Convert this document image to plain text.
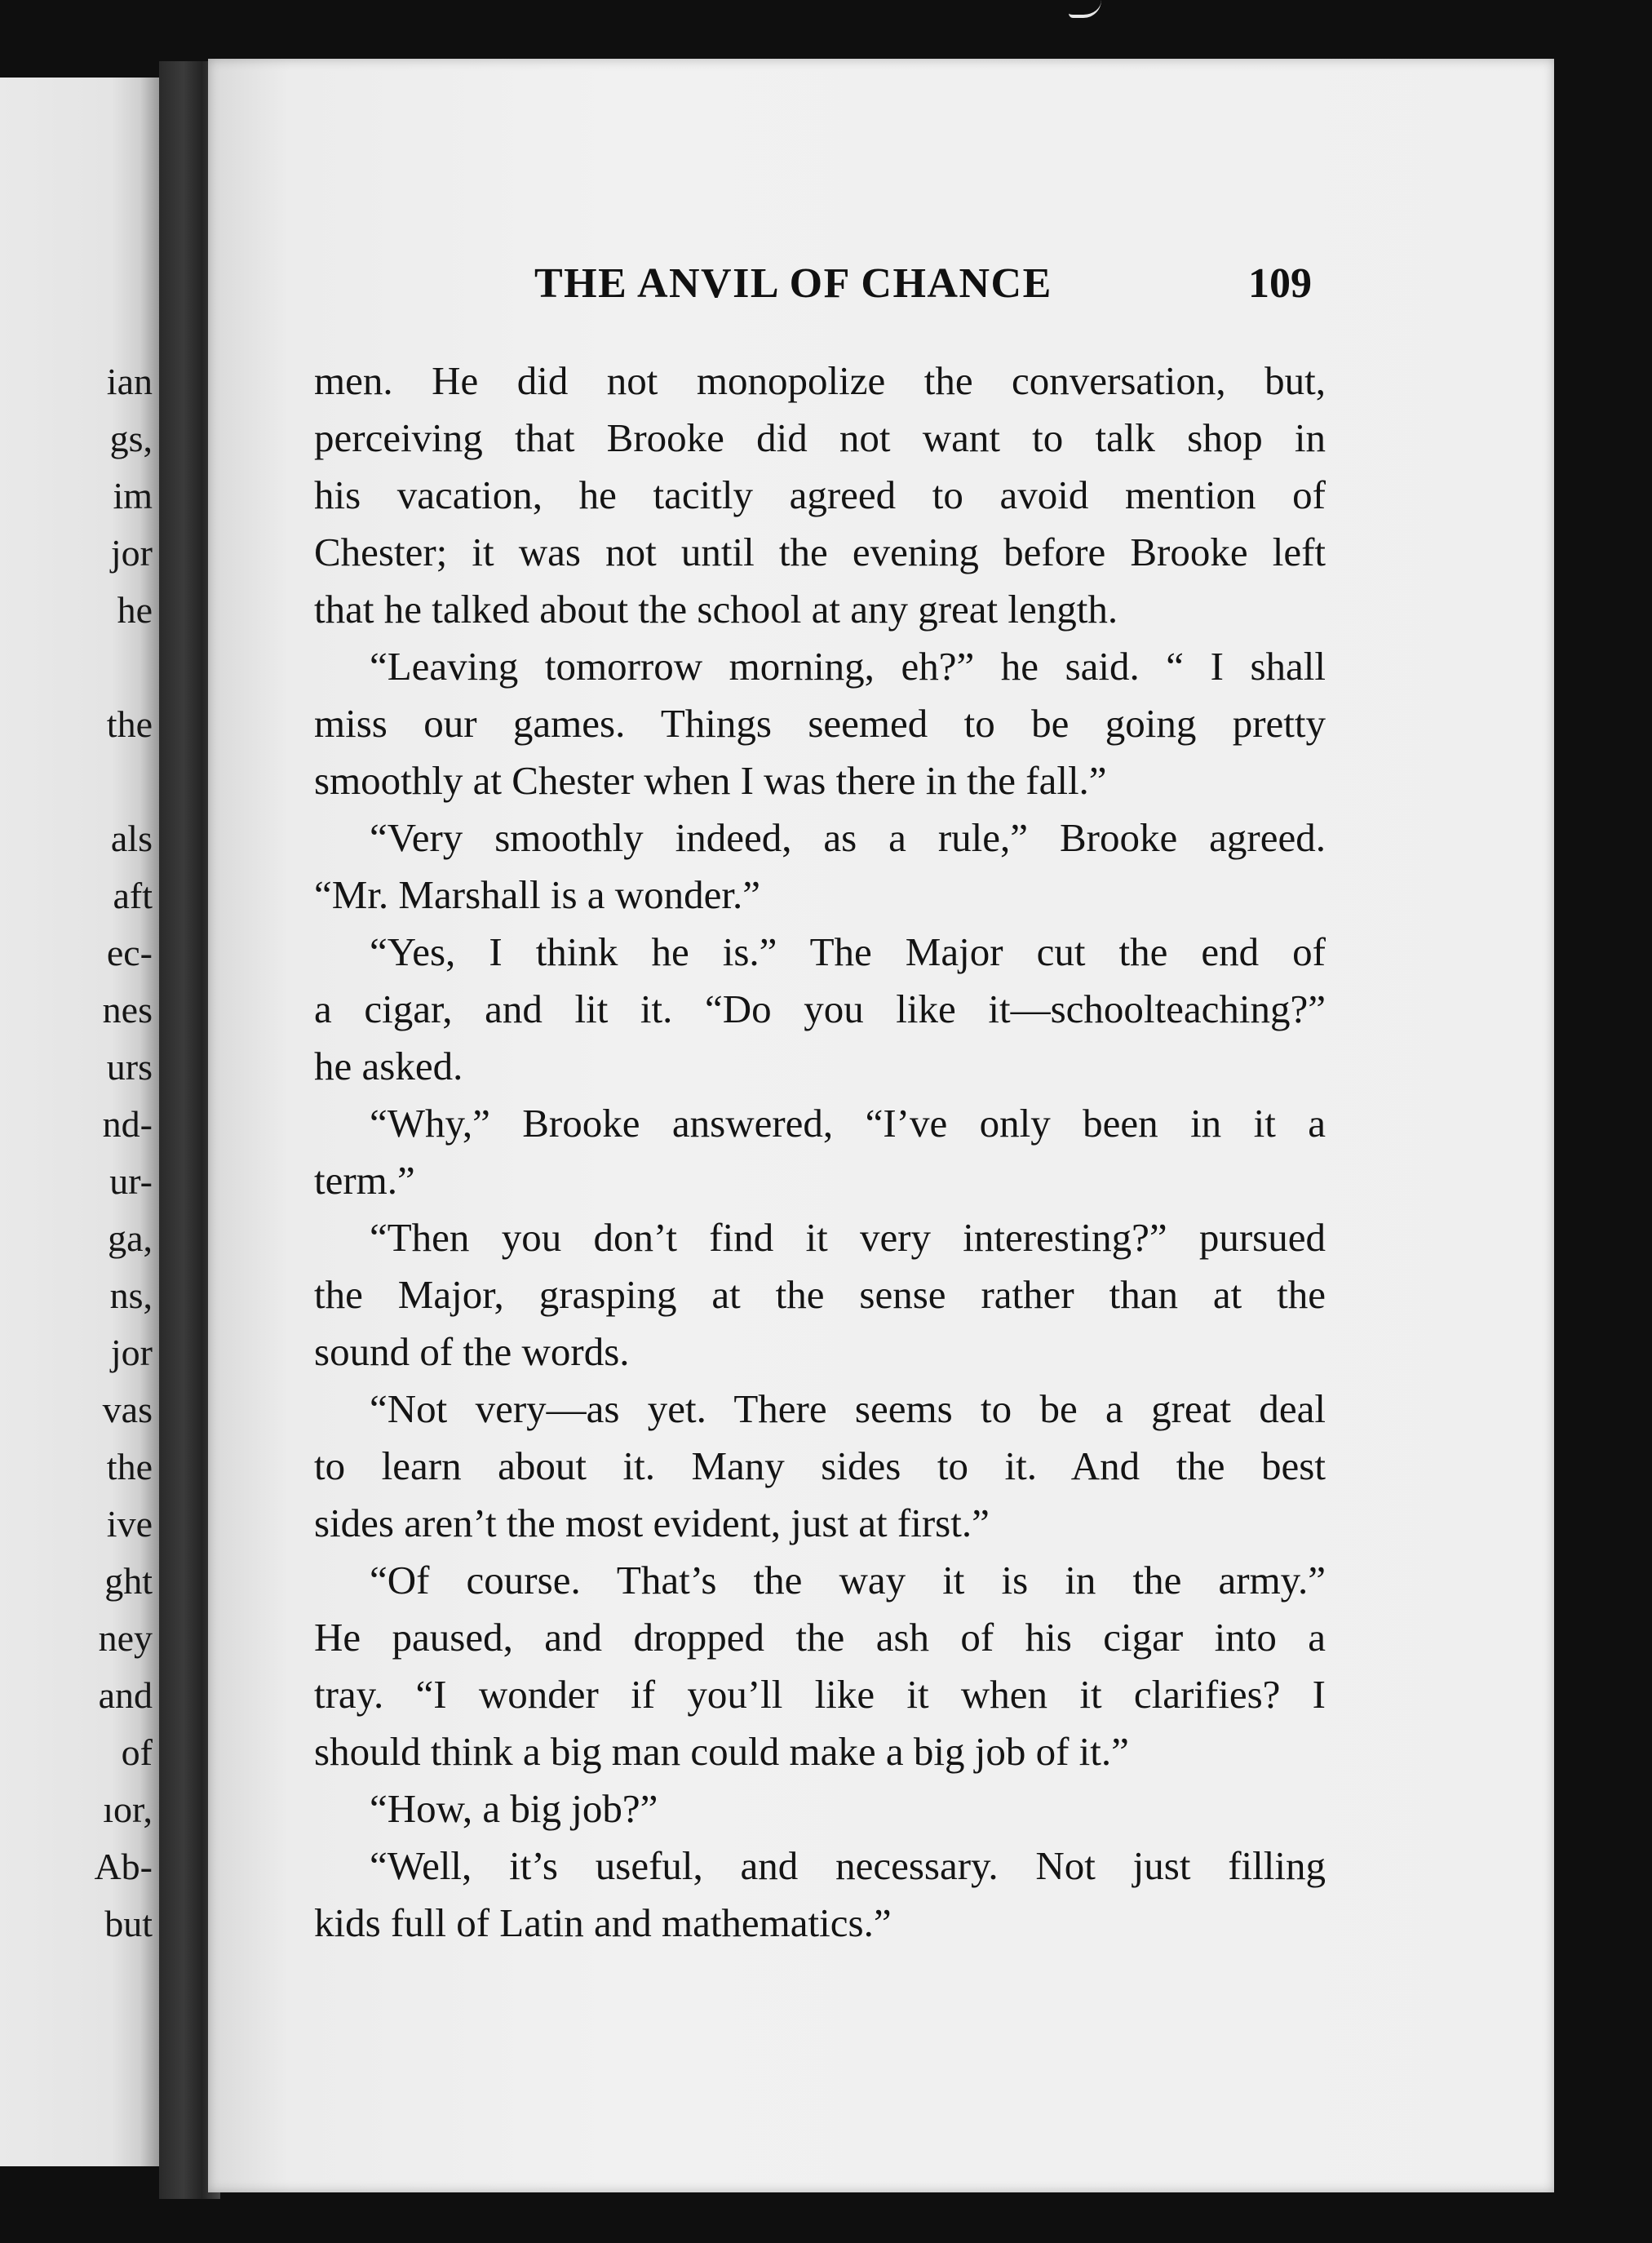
ian
gs,
im
jor
he
the
als
aft
ec-
nes
urs
nd-
ur-
ga,
ns,
jor
vas
the
ive
ght
ney
and
of
ıor,
Ab-
but
THE ANVIL OF CHANCE	109
men. He did not monopolize the conversation, but,
perceiving that Brooke did not want to talk shop in
his vacation, he tacitly agreed to avoid mention of
Chester; it was not until the evening before Brooke left
that he talked about the school at any great length.
“Leaving tomorrow morning, eh?” he said. “ I shall
miss our games. Things seemed to be going pretty
smoothly at Chester when I was there in the fall.”
“Very smoothly indeed, as a rule,” Brooke agreed.
“Mr. Marshall is a wonder.”
“Yes, I think he is.” The Major cut the end of
a cigar, and lit it. “Do you like it—schoolteaching?”
he asked.
“Why,” Brooke answered, “I’ve only been in it a
term.”
“Then you don’t find it very interesting?” pursued
the Major, grasping at the sense rather than at the
sound of the words.
“Not very—as yet. There seems to be a great deal
to learn about it. Many sides to it. And the best
sides aren’t the most evident, just at first.”
“Of course. That’s the way it is in the army.”
He paused, and dropped the ash of his cigar into a
tray. “I wonder if you’ll like it when it clarifies? I
should think a big man could make a big job of it.”
“How, a big job?”
“Well, it’s useful, and necessary. Not just filling
kids full of Latin and mathematics.”
